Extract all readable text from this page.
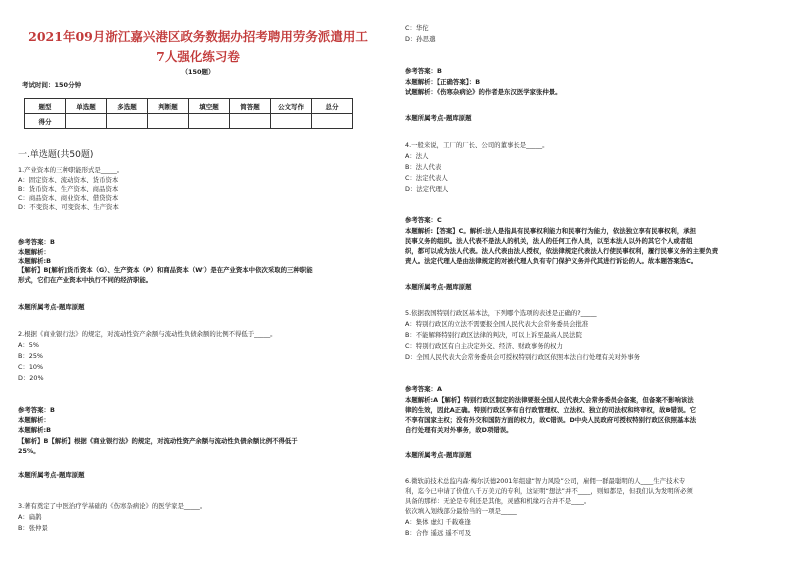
2021年09月浙江嘉兴港区政务数据办招考聘用劳务派遣用工
7人强化练习卷
（150题）
考试时间：150分钟
题型	单选题	多选题	判断题	填空题	简答题	公文写作	总分
得分							
一.单选题(共50题)
1.产业资本的三种职能形式是_____。
A：固定资本、流动资本、货币资本
B：货币资本、生产资本、商品资本
C：商品资本、商业资本、借贷资本
D：不变资本、可变资本、生产资本
参考答案：B
本题解析：
本题解析:B
【解析】B[解析]货币资本（G）、生产资本（P）和商品资本（W′）是在产业资本中依次采取的三种职能
形式，它们在产业资本中执行不同的经济职能。
本题所属考点-题库原题
2.根据《商业银行法》的规定，对流动性资产余额与流动性负债余额的比例不得低于_____。
A：5%
B：25%
C：10%
D：20%
参考答案：B
本题解析：
本题解析:B
【解析】B【解析】根据《商业银行法》的规定，对流动性资产余额与流动性负债余额比例不得低于
25%。
本题所属考点-题库原题
3.著有奠定了中医治疗学基础的《伤寒杂病论》的医学家是_____。
A：扁鹊
B：张仲景
C：华佗
D：孙思邈
参考答案：B
本题解析：【正确答案】：B
试题解析：《伤寒杂病论》的作者是东汉医学家张仲景。
本题所属考点-题库原题
4.一般来说，工厂的厂长、公司的董事长是_____。
A：法人
B：法人代表
C：法定代表人
D：法定代理人
参考答案：C
本题解析:【答案】C。解析:法人是指具有民事权利能力和民事行为能力，依法独立享有民事权利，承担
民事义务的组织。法人代表不是法人的机关，法人的任何工作人员，以至本法人以外的其它个人或者组
织，都可以成为法人代表。法人代表由法人授权，依法律规定代表法人行使民事权利，履行民事义务的主要负责
责人。法定代理人是由法律规定的对被代理人负有专门保护义务并代其进行诉讼的人。故本题答案选C。
本题所属考点-题库原题
5.依据我国特别行政区基本法，下列哪个选项的表述是正确的?_____
A：特别行政区的立法不需要报全国人民代表大会常务委员会批准
B：不能解释特别行政区法律的判决，可以上诉至最高人民法院
C：特别行政区有自主决定外交、经济、财政事务的权力
D：全国人民代表大会常务委员会可授权特别行政区依照本法自行处理有关对外事务
参考答案：A
本题解析:A【解析】特别行政区制定的法律要报全国人民代表大会常务委员会备案，但备案不影响该法
律的生效，因此A正确。特别行政区享有自行政管理权、立法权、独立的司法权和终审权，故B错误。它
不享有国家主权；没有外交和国防方面的权力，故C错误。D中央人民政府可授权特别行政区依照基本法
自行处理有关对外事务，故D项错误。
本题所属考点-题库原题
6.微软前技术总监内森·梅尔沃德2001年组建“智力风险”公司，雇佣一群最聪明的人____生产技术专
利，迄今已申请了价值八千万美元的专利，这证明“想法”并不____，则如都是，但我们认为发明所必须
具备的那样：无论是专利还是其他，灵感和机缘巧合并不是____。
依次填入划线部分最恰当的一项是_____
A：集体 虚幻 千载难逢
B：合作 遥远 遥不可及
